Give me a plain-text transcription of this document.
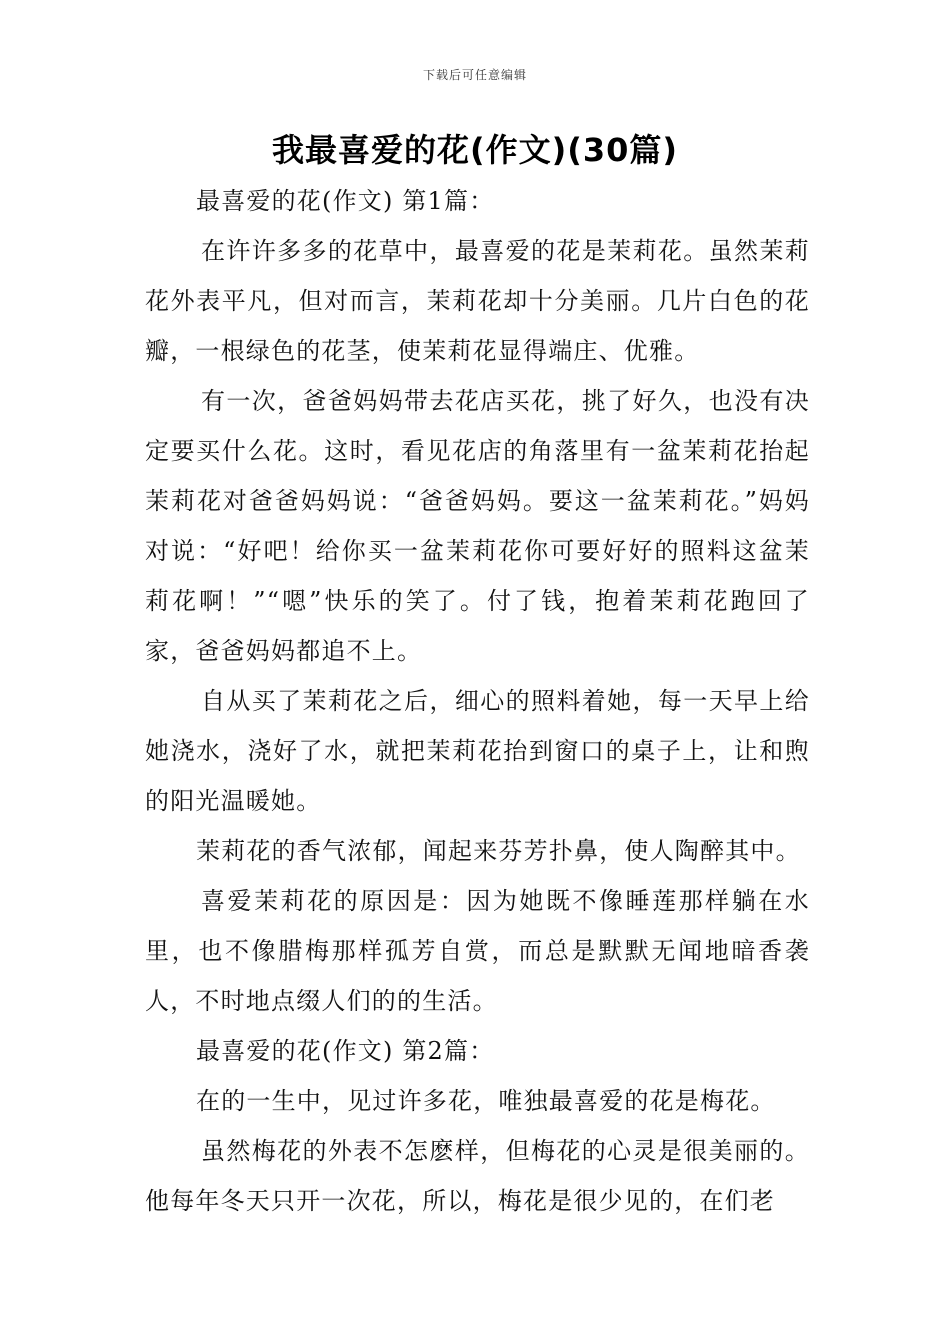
下载后可任意编辑
我最喜爱的花(作文)(30篇)

最喜爱的花(作文) 第1篇：

在许许多多的花草中，最喜爱的花是茉莉花。虽然茉莉花外表平凡，但对而言，茉莉花却十分美丽。几片白色的花瓣，一根绿色的花茎，使茉莉花显得端庄、优雅。

有一次，爸爸妈妈带去花店买花，挑了好久，也没有决定要买什么花。这时，看见花店的角落里有一盆茉莉花抬起茉莉花对爸爸妈妈说：“爸爸妈妈。要这一盆茉莉花。”妈妈对说：“好吧！给你买一盆茉莉花你可要好好的照料这盆茉莉花啊！”“嗯”快乐的笑了。付了钱，抱着茉莉花跑回了家，爸爸妈妈都追不上。

自从买了茉莉花之后，细心的照料着她，每一天早上给她浇水，浇好了水，就把茉莉花抬到窗口的桌子上，让和煦的阳光温暖她。

茉莉花的香气浓郁，闻起来芬芳扑鼻，使人陶醉其中。

喜爱茉莉花的原因是：因为她既不像睡莲那样躺在水里，也不像腊梅那样孤芳自赏，而总是默默无闻地暗香袭人，不时地点缀人们的的生活。

最喜爱的花(作文) 第2篇：

在的一生中，见过许多花，唯独最喜爱的花是梅花。

虽然梅花的外表不怎麽样，但梅花的心灵是很美丽的。他每年冬天只开一次花，所以，梅花是很少见的，在们老
